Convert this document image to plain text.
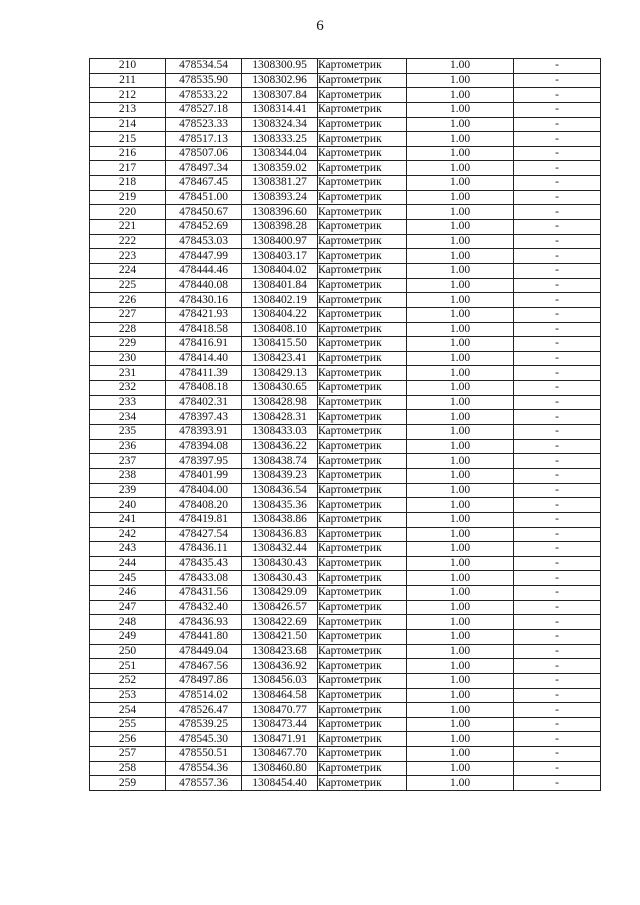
6
210	478534.54	1308300.95	Картометрик	1.00	-
211	478535.90	1308302.96	Картометрик	1.00	-
212	478533.22	1308307.84	Картометрик	1.00	-
213	478527.18	1308314.41	Картометрик	1.00	-
214	478523.33	1308324.34	Картометрик	1.00	-
215	478517.13	1308333.25	Картометрик	1.00	-
216	478507.06	1308344.04	Картометрик	1.00	-
217	478497.34	1308359.02	Картометрик	1.00	-
218	478467.45	1308381.27	Картометрик	1.00	-
219	478451.00	1308393.24	Картометрик	1.00	-
220	478450.67	1308396.60	Картометрик	1.00	-
221	478452.69	1308398.28	Картометрик	1.00	-
222	478453.03	1308400.97	Картометрик	1.00	-
223	478447.99	1308403.17	Картометрик	1.00	-
224	478444.46	1308404.02	Картометрик	1.00	-
225	478440.08	1308401.84	Картометрик	1.00	-
226	478430.16	1308402.19	Картометрик	1.00	-
227	478421.93	1308404.22	Картометрик	1.00	-
228	478418.58	1308408.10	Картометрик	1.00	-
229	478416.91	1308415.50	Картометрик	1.00	-
230	478414.40	1308423.41	Картометрик	1.00	-
231	478411.39	1308429.13	Картометрик	1.00	-
232	478408.18	1308430.65	Картометрик	1.00	-
233	478402.31	1308428.98	Картометрик	1.00	-
234	478397.43	1308428.31	Картометрик	1.00	-
235	478393.91	1308433.03	Картометрик	1.00	-
236	478394.08	1308436.22	Картометрик	1.00	-
237	478397.95	1308438.74	Картометрик	1.00	-
238	478401.99	1308439.23	Картометрик	1.00	-
239	478404.00	1308436.54	Картометрик	1.00	-
240	478408.20	1308435.36	Картометрик	1.00	-
241	478419.81	1308438.86	Картометрик	1.00	-
242	478427.54	1308436.83	Картометрик	1.00	-
243	478436.11	1308432.44	Картометрик	1.00	-
244	478435.43	1308430.43	Картометрик	1.00	-
245	478433.08	1308430.43	Картометрик	1.00	-
246	478431.56	1308429.09	Картометрик	1.00	-
247	478432.40	1308426.57	Картометрик	1.00	-
248	478436.93	1308422.69	Картометрик	1.00	-
249	478441.80	1308421.50	Картометрик	1.00	-
250	478449.04	1308423.68	Картометрик	1.00	-
251	478467.56	1308436.92	Картометрик	1.00	-
252	478497.86	1308456.03	Картометрик	1.00	-
253	478514.02	1308464.58	Картометрик	1.00	-
254	478526.47	1308470.77	Картометрик	1.00	-
255	478539.25	1308473.44	Картометрик	1.00	-
256	478545.30	1308471.91	Картометрик	1.00	-
257	478550.51	1308467.70	Картометрик	1.00	-
258	478554.36	1308460.80	Картометрик	1.00	-
259	478557.36	1308454.40	Картометрик	1.00	-
